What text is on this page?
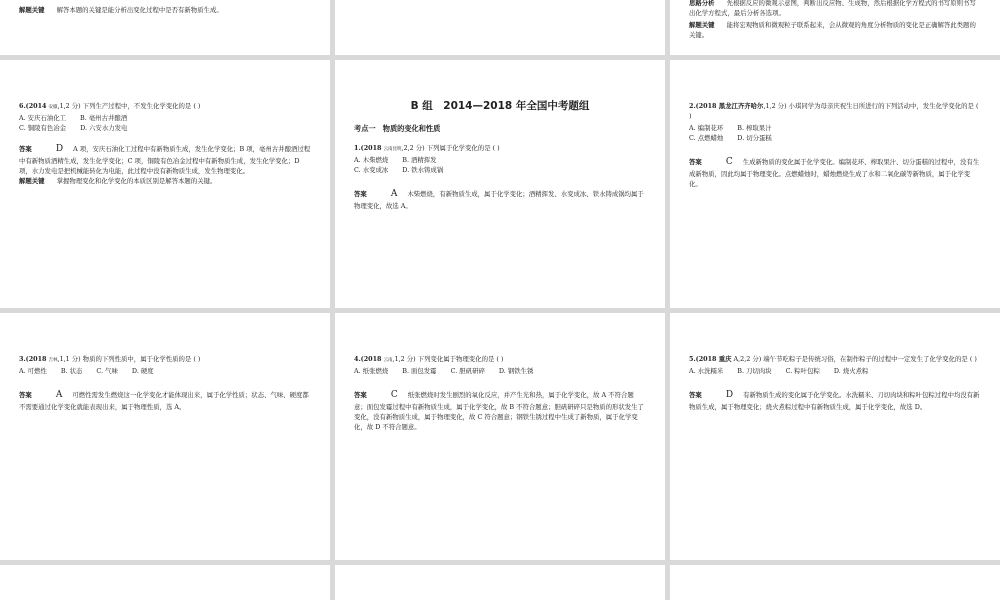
解题关键 解答本题的关键是能分析出变化过程中是否有新物质生成。
思路分析 先根据反应的微观示意图，判断出反应物、生成物，然后根据化学方程式的书写原则书写出化学方程式，最后分析各选项。
解题关键 能将宏观物质和微观粒子联系起来，会从微观的角度分析物质的变化是正确解答此类题的关键。

6.(2014 安徽,1,2 分) 下列生产过程中，不发生化学变化的是 ( )

A. 安庆石油化工 B. 亳州古井酿酒
C. 铜陵有色冶金 D. 六安水力发电
答案	D A 项，安庆石油化工过程中有新物质生成，发生化学变化；B 项，亳州古井酿酒过程中有新物质酒精生成，发生化学变化；C 项，铜陵有色冶金过程中有新物质生成，发生化学变化；D 项，水力发电是把机械能转化为电能，此过程中没有新物质生成，发生物理变化。
解题关键 掌握物理变化和化学变化的本质区别是解答本题的关键。

B 组　2014—2018 年全国中考题组

考点一　物质的变化和性质

1.(2018 云南昆明,2,2 分) 下列属于化学变化的是 ( )

A. 木柴燃烧 B. 酒精挥发
C. 水变成冰 D. 铁水铸成锅
答案	A 木柴燃烧，有新物质生成，属于化学变化；酒精挥发、水变成冰、铁水铸成锅均属于物理变化，故选 A。

2.(2018 黑龙江齐齐哈尔,1,2 分) 小琪同学为母亲庆祝生日所进行的下列活动中，发生化学变化的是 ( )

A. 编制花环 B. 榨取果汁
C. 点燃蜡烛 D. 切分蛋糕
答案	C 生成新物质的变化属于化学变化。编制花环、榨取果汁、切分蛋糕的过程中，没有生成新物质，因此均属于物理变化。点燃蜡烛时，蜡烛燃烧生成了水和二氧化碳等新物质，属于化学变化。

3.(2018 吉林,1,1 分) 物质的下列性质中，属于化学性质的是 ( )

A. 可燃性 B. 状态 C. 气味 D. 硬度
答案	A 可燃性需发生燃烧这一化学变化才能体现出来，属于化学性质；状态、气味、硬度都不需要通过化学变化就能表现出来，属于物理性质，选 A。

4.(2018 云南,1,2 分) 下列变化属于物理变化的是 ( )

A. 纸张燃烧 B. 面包发霉 C. 胆矾研碎 D. 钢铁生锈
答案	C 纸张燃烧时发生剧烈的氧化反应，并产生光和热，属于化学变化，故 A 不符合题意；面包发霉过程中有新物质生成，属于化学变化，故 B 不符合题意；胆矾研碎只是物质的形状发生了变化，没有新物质生成，属于物理变化，故 C 符合题意；钢铁生锈过程中生成了新物质，属于化学变化，故 D 不符合题意。

5.(2018 重庆 A,2,2 分) 端午节吃粽子是传统习俗，在制作粽子的过程中一定发生了化学变化的是 ( )

A. 水洗糯米 B. 刀切肉块 C. 粽叶包粽 D. 烧火煮粽
答案	D 有新物质生成的变化属于化学变化。水洗糯米、刀切肉块和粽叶包粽过程中均没有新物质生成，属于物理变化；烧火煮粽过程中有新物质生成，属于化学变化，故选 D。
